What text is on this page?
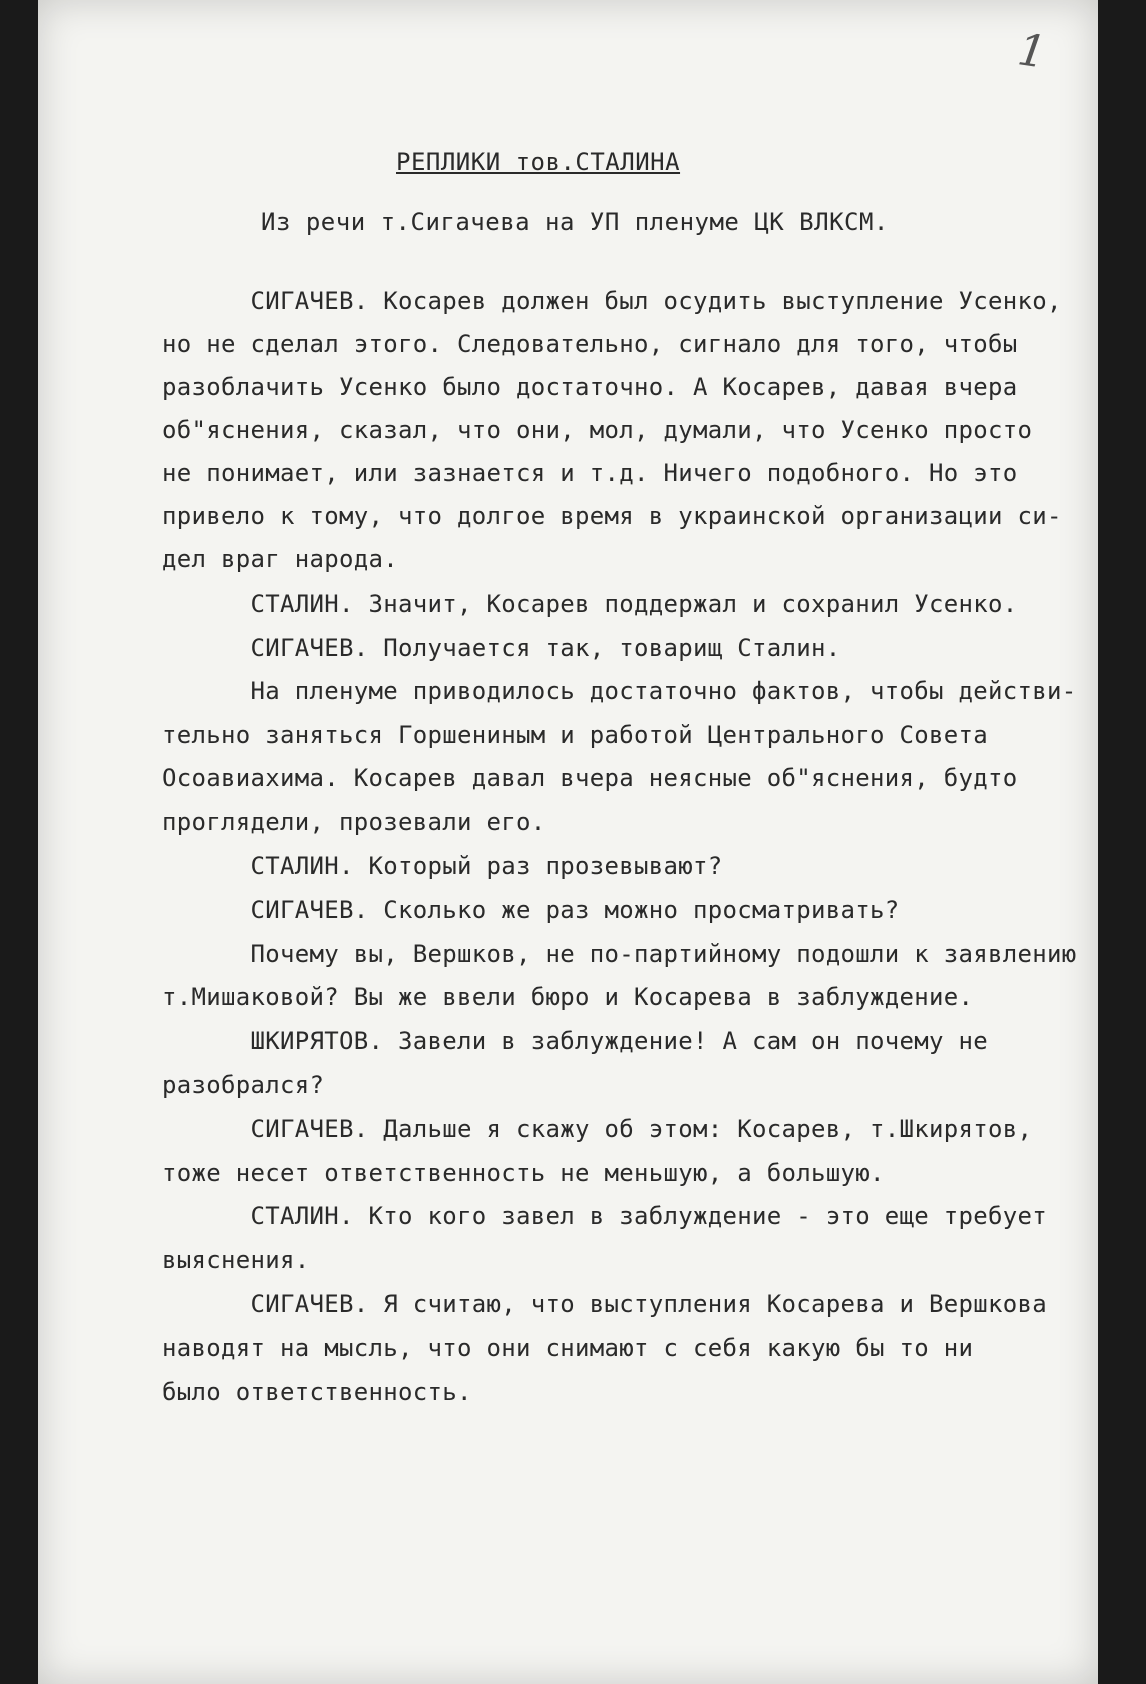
1
РЕПЛИКИ тов.СТАЛИНА
Из речи т.Сигачева на УП пленуме ЦК ВЛКСМ.
СИГАЧЕВ. Косарев должен был осудить выступление Усенко,
но не сделал этого. Следовательно, сигнало для того, чтобы
разоблачить Усенко было достаточно. А Косарев, давая вчера
об"яснения, сказал, что они, мол, думали, что Усенко просто
не понимает, или зазнается и т.д. Ничего подобного. Но это
привело к тому, что долгое время в украинской организации си-
дел враг народа.
СТАЛИН. Значит, Косарев поддержал и сохранил Усенко.
СИГАЧЕВ. Получается так, товарищ Сталин.
На пленуме приводилось достаточно фактов, чтобы действи-
тельно заняться Горшениным и работой Центрального Совета
Осоавиахима. Косарев давал вчера неясные об"яснения, будто
проглядели, прозевали его.
СТАЛИН. Который раз прозевывают?
СИГАЧЕВ. Сколько же раз можно просматривать?
Почему вы, Вершков, не по-партийному подошли к заявлению
т.Мишаковой? Вы же ввели бюро и Косарева в заблуждение.
ШКИРЯТОВ. Завели в заблуждение! А сам он почему не
разобрался?
СИГАЧЕВ. Дальше я скажу об этом: Косарев, т.Шкирятов,
тоже несет ответственность не меньшую, а большую.
СТАЛИН. Кто кого завел в заблуждение - это еще требует
выяснения.
СИГАЧЕВ. Я считаю, что выступления Косарева и Вершкова
наводят на мысль, что они снимают с себя какую бы то ни
было ответственность.
